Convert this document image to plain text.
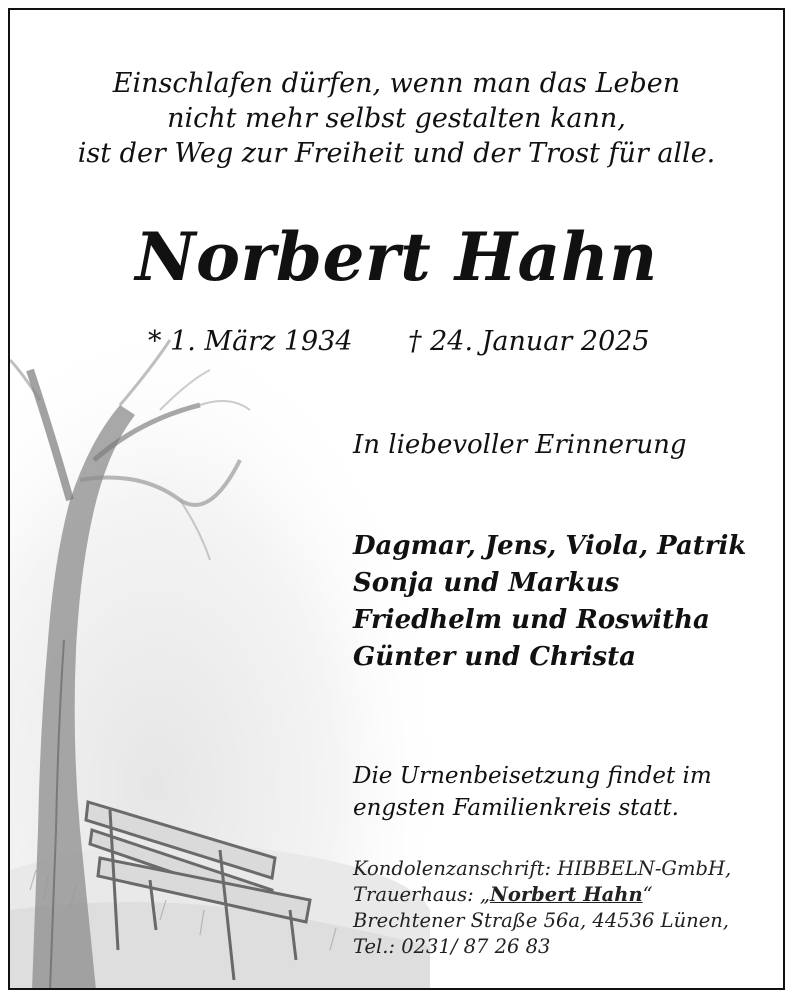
Einschlafen dürfen, wenn man das Leben
nicht mehr selbst gestalten kann,
ist der Weg zur Freiheit und der Trost für alle.
Norbert Hahn
* 1. März 1934 † 24. Januar 2025
In liebevoller Erinnerung
Dagmar, Jens, Viola, Patrik
Sonja und Markus
Friedhelm und Roswitha
Günter und Christa
Die Urnenbeisetzung findet im
engsten Familienkreis statt.
Kondolenzanschrift: HIBBELN-GmbH,
Trauerhaus: „Norbert Hahn“
Brechtener Straße 56a, 44536 Lünen,
Tel.: 0231/ 87 26 83
